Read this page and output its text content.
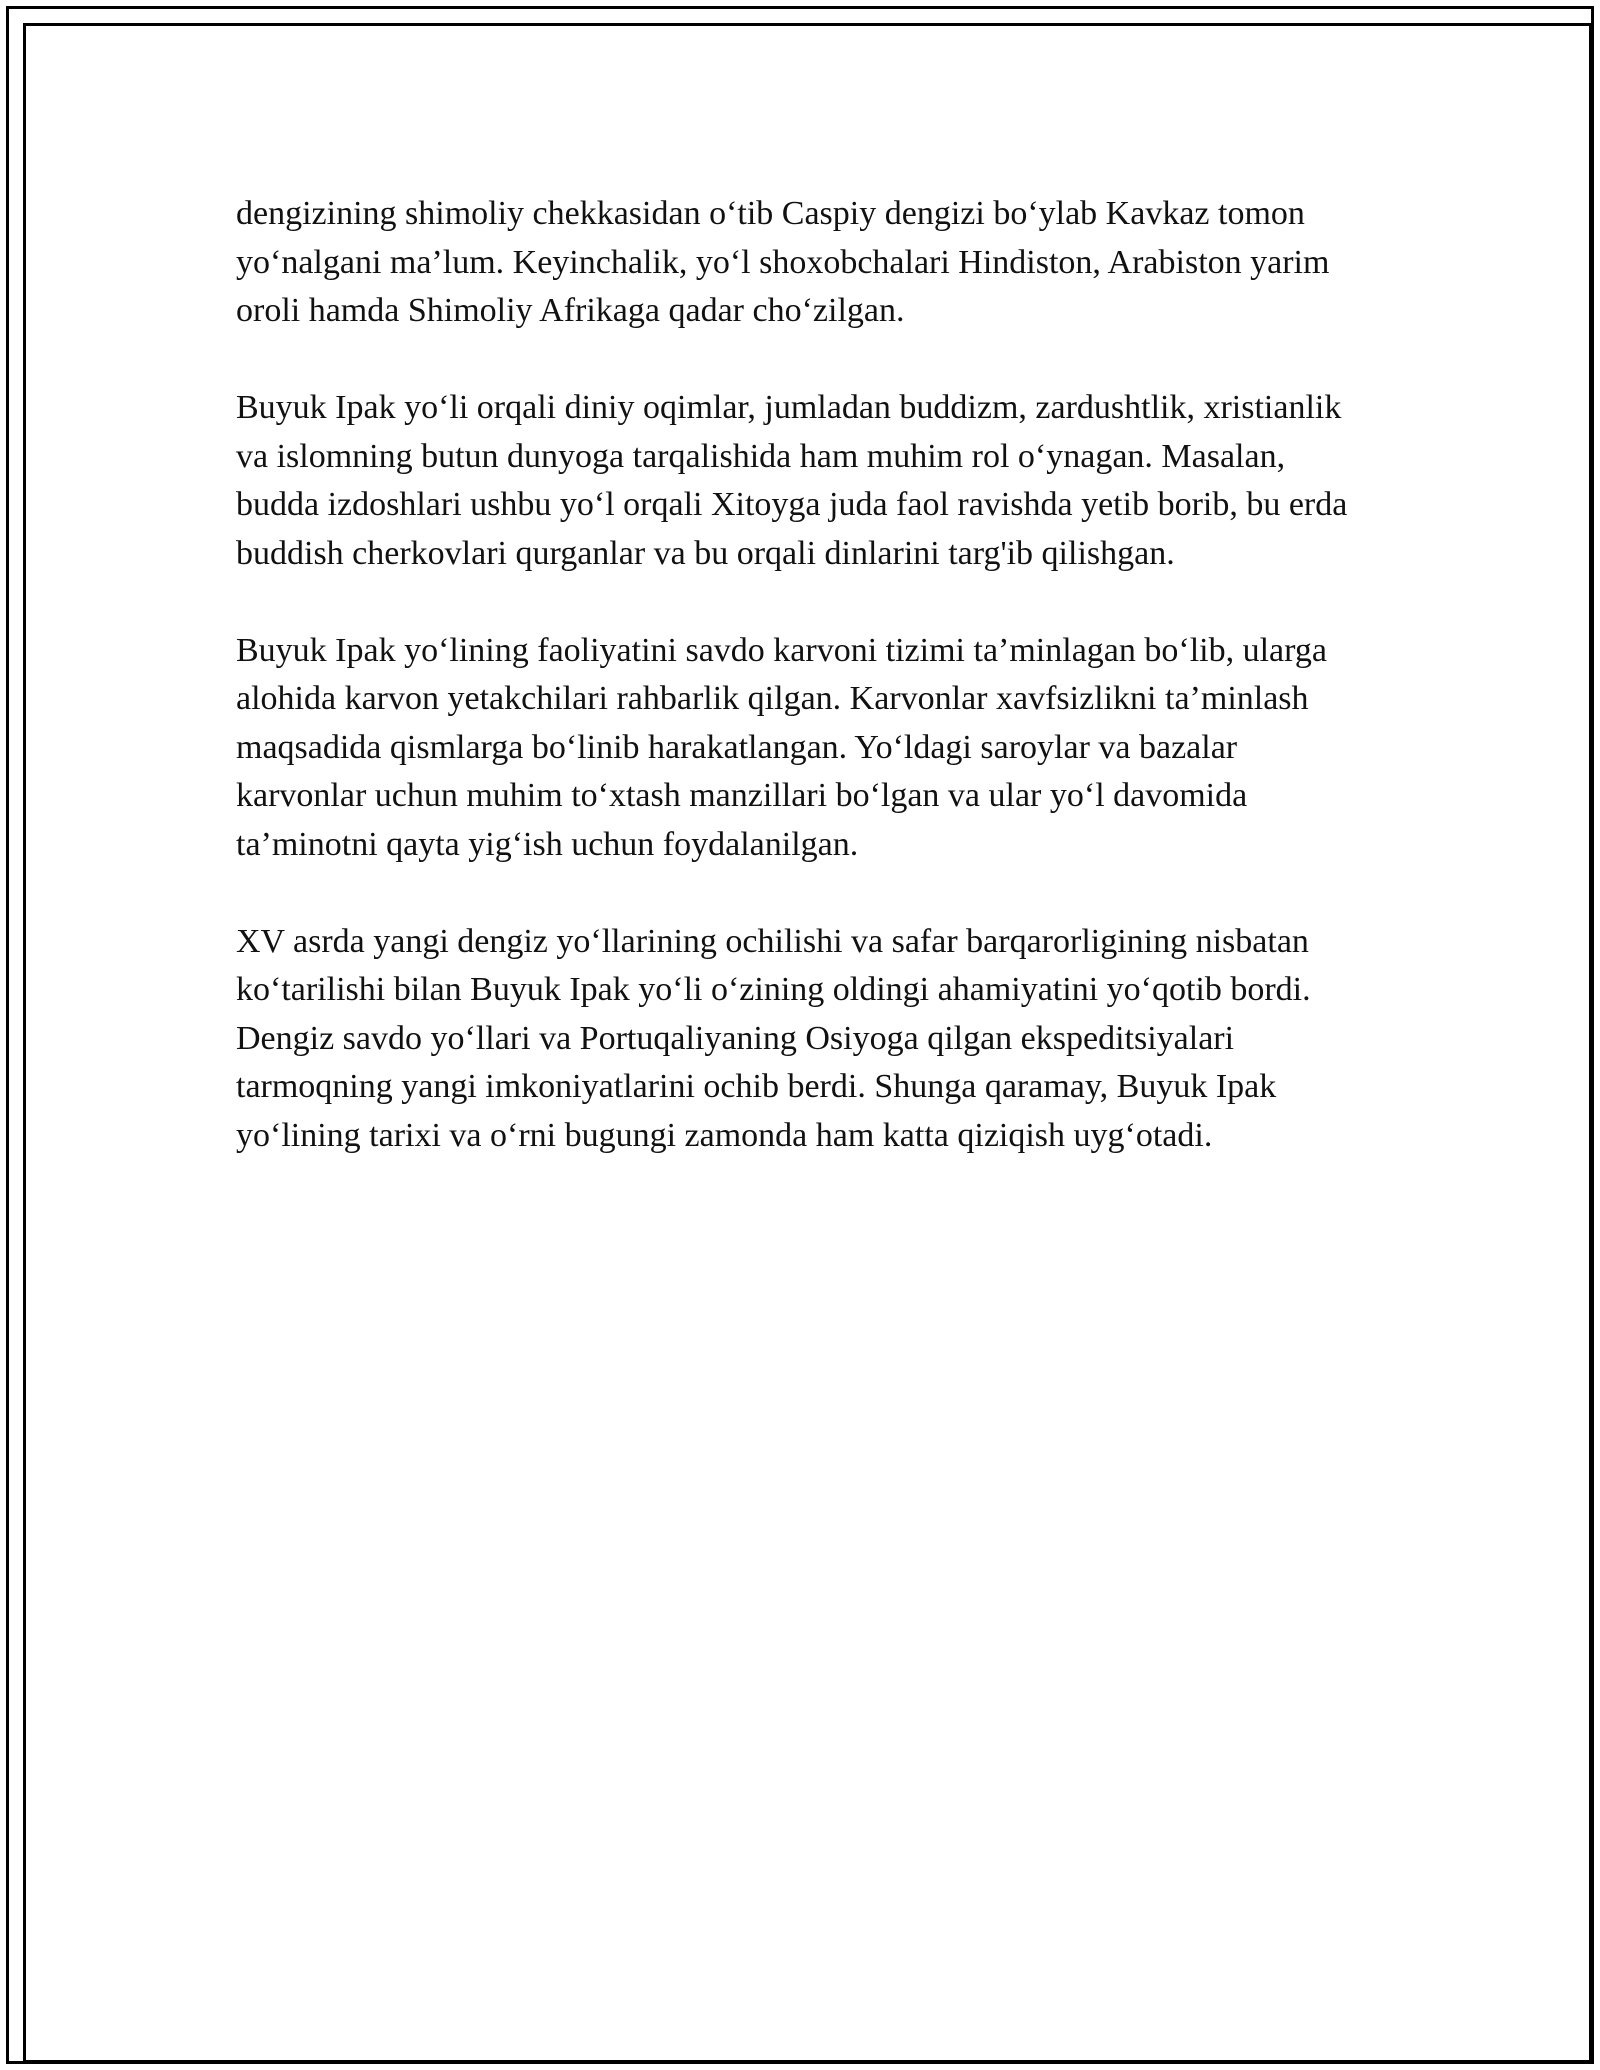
dengizining shimoliy chekkasidan o‘tib Caspiy dengizi bo‘ylab Kavkaz tomon yo‘nalgani ma’lum. Keyinchalik, yo‘l shoxobchalari Hindiston, Arabiston yarim oroli hamda Shimoliy Afrikaga qadar cho‘zilgan.

Buyuk Ipak yo‘li orqali diniy oqimlar, jumladan buddizm, zardushtlik, xristianlik va islomning butun dunyoga tarqalishida ham muhim rol o‘ynagan. Masalan, budda izdoshlari ushbu yo‘l orqali Xitoyga juda faol ravishda yetib borib, bu erda buddish cherkovlari qurganlar va bu orqali dinlarini targ'ib qilishgan.

Buyuk Ipak yo‘lining faoliyatini savdo karvoni tizimi ta’minlagan bo‘lib, ularga alohida karvon yetakchilari rahbarlik qilgan. Karvonlar xavfsizlikni ta’minlash maqsadida qismlarga bo‘linib harakatlangan. Yo‘ldagi saroylar va bazalar karvonlar uchun muhim to‘xtash manzillari bo‘lgan va ular yo‘l davomida ta’minotni qayta yig‘ish uchun foydalanilgan.

XV asrda yangi dengiz yo‘llarining ochilishi va safar barqarorligining nisbatan ko‘tarilishi bilan Buyuk Ipak yo‘li o‘zining oldingi ahamiyatini yo‘qotib bordi. Dengiz savdo yo‘llari va Portuqaliyaning Osiyoga qilgan ekspeditsiyalari tarmoqning yangi imkoniyatlarini ochib berdi. Shunga qaramay, Buyuk Ipak yo‘lining tarixi va o‘rni bugungi zamonda ham katta qiziqish uyg‘otadi.
